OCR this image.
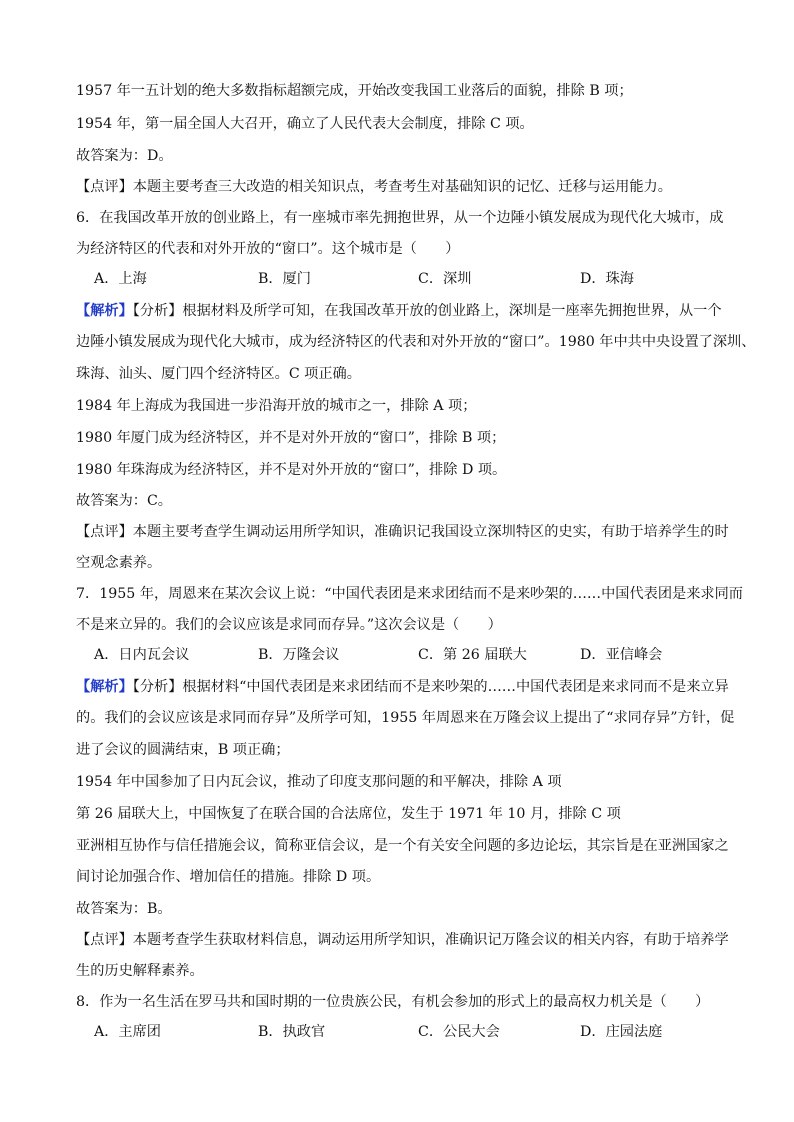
1957 年一五计划的绝大多数指标超额完成，开始改变我国工业落后的面貌，排除 B 项；
1954 年，第一届全国人大召开，确立了人民代表大会制度，排除 C 项。
故答案为：D。
【点评】本题主要考查三大改造的相关知识点，考查考生对基础知识的记忆、迁移与运用能力。
6．在我国改革开放的创业路上，有一座城市率先拥抱世界，从一个边陲小镇发展成为现代化大城市，成
为经济特区的代表和对外开放的“窗口”。这个城市是（　　）
A．上海	B．厦门	C．深圳	D．珠海
【解析】【分析】根据材料及所学可知，在我国改革开放的创业路上，深圳是一座率先拥抱世界，从一个
边陲小镇发展成为现代化大城市，成为经济特区的代表和对外开放的“窗口”。1980 年中共中央设置了深圳、
珠海、汕头、厦门四个经济特区。C 项正确。
1984 年上海成为我国进一步沿海开放的城市之一，排除 A 项；
1980 年厦门成为经济特区，并不是对外开放的“窗口”，排除 B 项；
1980 年珠海成为经济特区，并不是对外开放的“窗口”，排除 D 项。
故答案为：C。
【点评】本题主要考查学生调动运用所学知识，准确识记我国设立深圳特区的史实，有助于培养学生的时
空观念素养。
7．1955 年，周恩来在某次会议上说：“中国代表团是来求团结而不是来吵架的……中国代表团是来求同而
不是来立异的。我们的会议应该是求同而存异。”这次会议是（　　）
A．日内瓦会议	B．万隆会议	C．第 26 届联大	D．亚信峰会
【解析】【分析】根据材料“中国代表团是来求团结而不是来吵架的……中国代表团是来求同而不是来立异
的。我们的会议应该是求同而存异”及所学可知，1955 年周恩来在万隆会议上提出了“求同存异”方针，促
进了会议的圆满结束，B 项正确；
1954 年中国参加了日内瓦会议，推动了印度支那问题的和平解决，排除 A 项
第 26 届联大上，中国恢复了在联合国的合法席位，发生于 1971 年 10 月，排除 C 项
亚洲相互协作与信任措施会议，简称亚信会议，是一个有关安全问题的多边论坛，其宗旨是在亚洲国家之
间讨论加强合作、增加信任的措施。排除 D 项。
故答案为：B。
【点评】本题考查学生获取材料信息，调动运用所学知识，准确识记万隆会议的相关内容，有助于培养学
生的历史解释素养。
8．作为一名生活在罗马共和国时期的一位贵族公民，有机会参加的形式上的最高权力机关是（　　）
A．主席团	B．执政官	C．公民大会	D．庄园法庭
